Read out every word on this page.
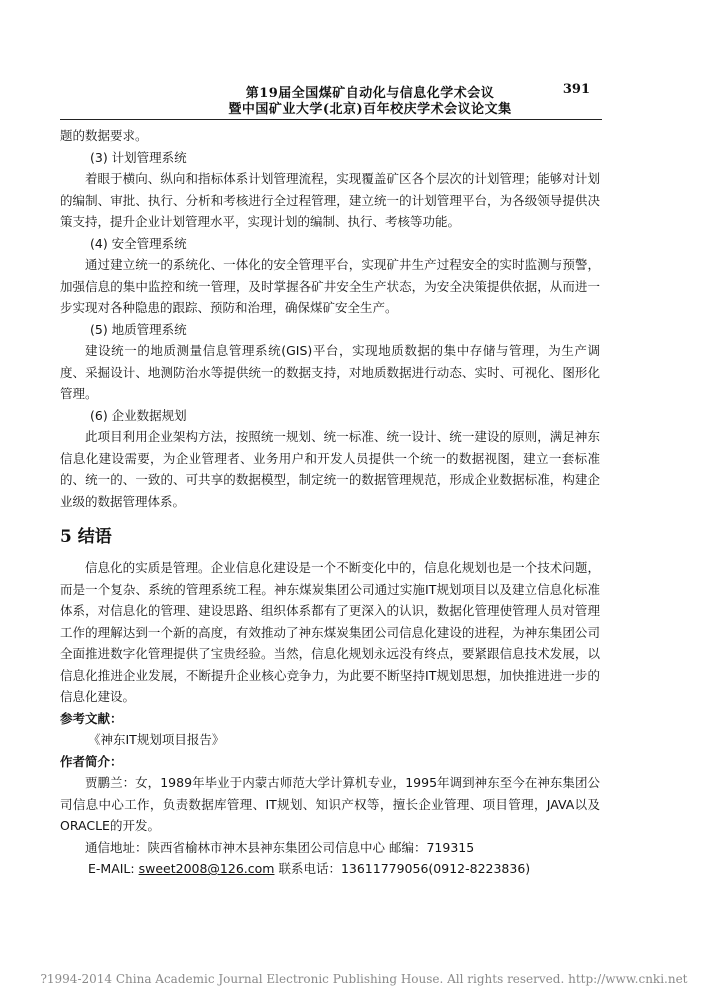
第19届全国煤矿自动化与信息化学术会议	391
暨中国矿业大学(北京)百年校庆学术会议论文集

题的数据要求。

(3) 计划管理系统

着眼于横向、纵向和指标体系计划管理流程，实现覆盖矿区各个层次的计划管理；能够对计划的编制、审批、执行、分析和考核进行全过程管理，建立统一的计划管理平台，为各级领导提供决策支持，提升企业计划管理水平，实现计划的编制、执行、考核等功能。

(4) 安全管理系统

通过建立统一的系统化、一体化的安全管理平台，实现矿井生产过程安全的实时监测与预警，加强信息的集中监控和统一管理，及时掌握各矿井安全生产状态，为安全决策提供依据，从而进一步实现对各种隐患的跟踪、预防和治理，确保煤矿安全生产。

(5) 地质管理系统

建设统一的地质测量信息管理系统(GIS)平台，实现地质数据的集中存储与管理，为生产调度、采掘设计、地测防治水等提供统一的数据支持，对地质数据进行动态、实时、可视化、图形化管理。

(6) 企业数据规划

此项目利用企业架构方法，按照统一规划、统一标准、统一设计、统一建设的原则，满足神东信息化建设需要，为企业管理者、业务用户和开发人员提供一个统一的数据视图，建立一套标准的、统一的、一致的、可共享的数据模型，制定统一的数据管理规范，形成企业数据标准，构建企业级的数据管理体系。

5 结语

信息化的实质是管理。企业信息化建设是一个不断变化中的，信息化规划也是一个技术问题，而是一个复杂、系统的管理系统工程。神东煤炭集团公司通过实施IT规划项目以及建立信息化标准体系，对信息化的管理、建设思路、组织体系都有了更深入的认识，数据化管理使管理人员对管理工作的理解达到一个新的高度，有效推动了神东煤炭集团公司信息化建设的进程，为神东集团公司全面推进数字化管理提供了宝贵经验。当然，信息化规划永远没有终点，要紧跟信息技术发展，以信息化推进企业发展，不断提升企业核心竞争力，为此要不断坚持IT规划思想，加快推进进一步的信息化建设。

参考文献：

《神东IT规划项目报告》

作者简介：

贾鹏兰：女，1989年毕业于内蒙古师范大学计算机专业，1995年调到神东至今在神东集团公司信息中心工作，负责数据库管理、IT规划、知识产权等，擅长企业管理、项目管理，JAVA以及ORACLE的开发。

通信地址：陕西省榆林市神木县神东集团公司信息中心 邮编：719315

E-MAIL: sweet2008@126.com 联系电话：13611779056(0912-8223836)

?1994-2014 China Academic Journal Electronic Publishing House. All rights reserved. http://www.cnki.net
